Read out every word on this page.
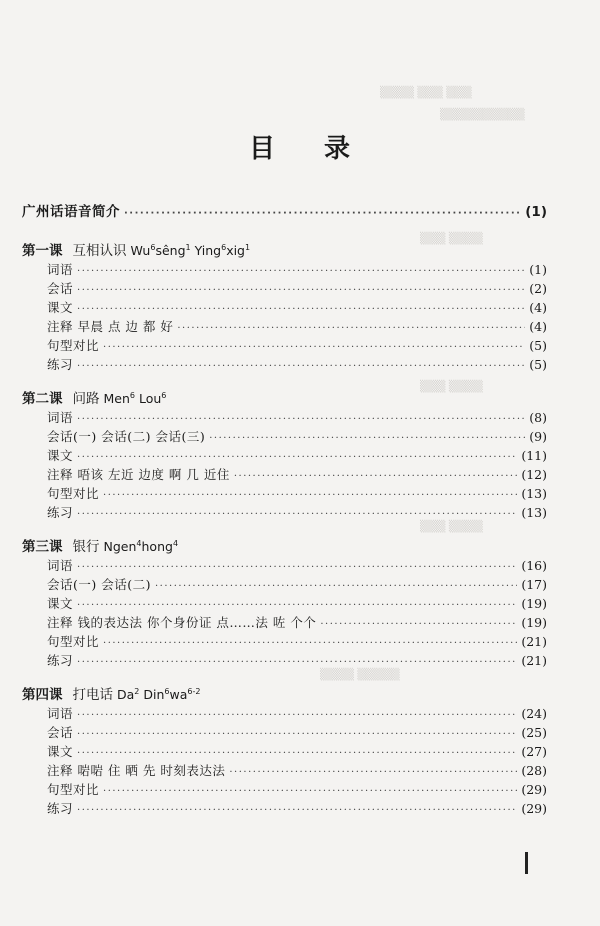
▒▒▒▒ ▒▒▒ ▒▒▒
▒▒▒▒▒▒▒▒▒▒
▒▒▒ ▒▒▒▒
▒▒▒ ▒▒▒▒
▒▒▒ ▒▒▒▒
▒▒▒▒ ▒▒▒▒▒
目 录
广州话语音简介 ·····	(1)
第一课 互相认识 Wu$^6$sêng$^1$ Ying$^6$xig$^1$
词语 ·····	(1)
会话 ·····	(2)
课文 ·····	(4)
注释 早晨 点 边 都 好 ·····	(4)
句型对比 ·····	(5)
练习 ·····	(5)
第二课 问路 Men$^6$ Lou$^6$
词语 ·····	(8)
会话(一) 会话(二) 会话(三) ·····	(9)
课文 ·····	(11)
注释 唔该 左近 边度 啊 几 近住 ·····	(12)
句型对比 ·····	(13)
练习 ·····	(13)
第三课 银行 Ngen$^4$hong$^4$
词语 ·····	(16)
会话(一) 会话(二) ·····	(17)
课文 ·····	(19)
注释 钱的表达法 你个身份证 点……法 咗 个个 ·····	(19)
句型对比 ·····	(21)
练习 ·····	(21)
第四课 打电话 Da$^2$ $Din^6wa^{6-2}$
词语 ·····	(24)
会话 ·····	(25)
课文 ·····	(27)
注释 啱啱 住 晒 先 时刻表达法 ·····	(28)
句型对比 ·····	(29)
练习 ·····	(29)
